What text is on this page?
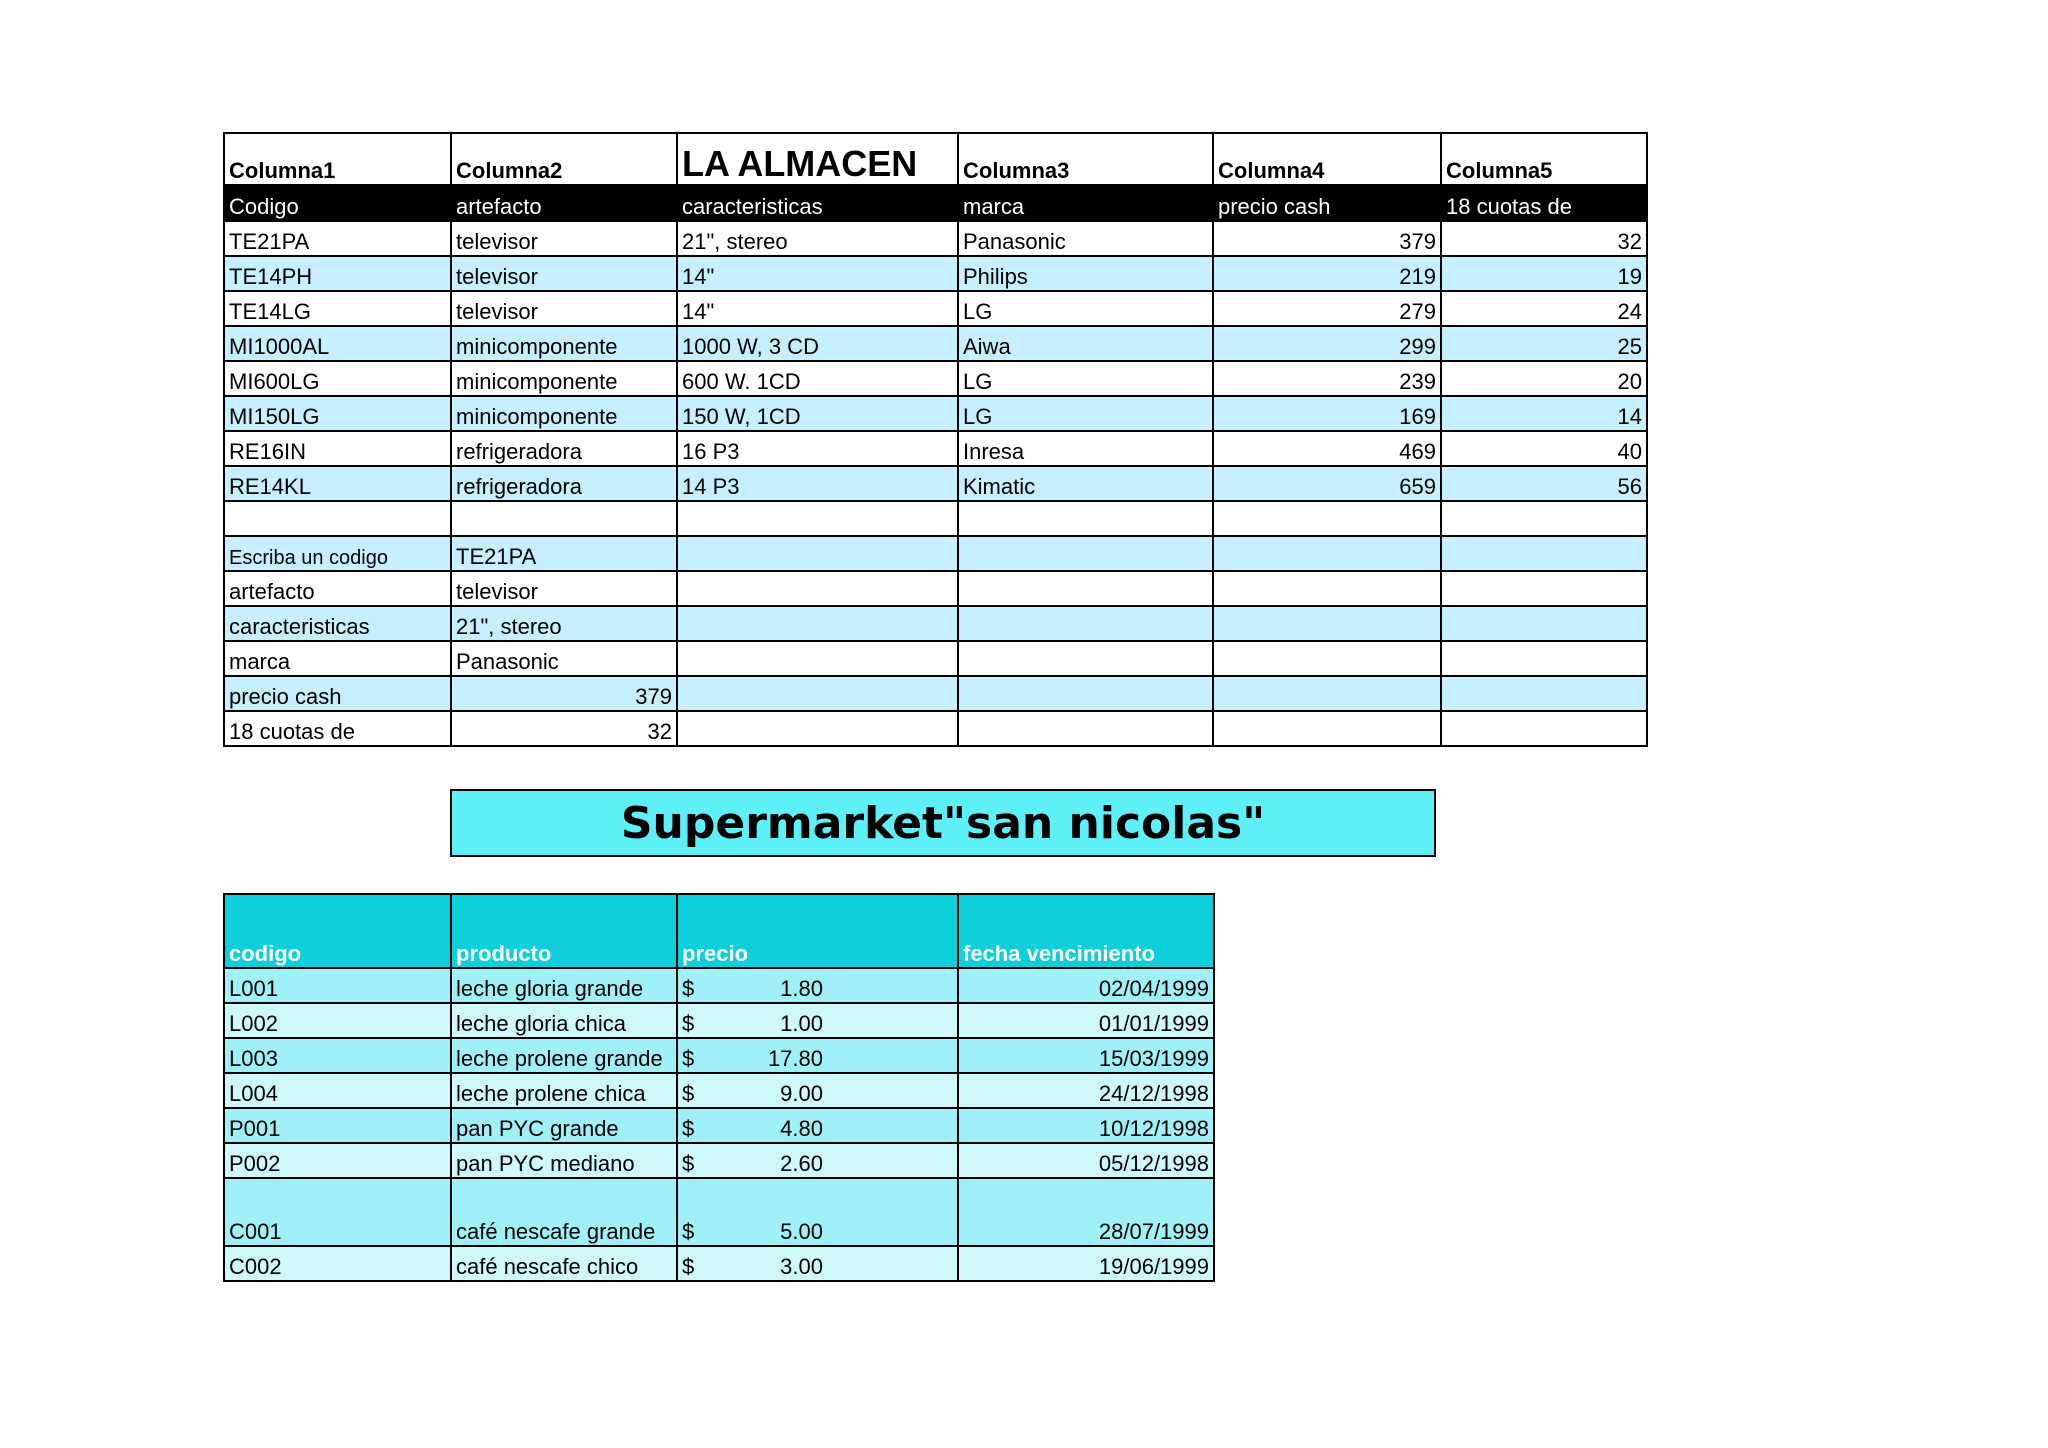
Columna1	Columna2	LA ALMACEN	Columna3	Columna4	Columna5
Codigo	artefacto	caracteristicas	marca	precio cash	18 cuotas de
TE21PA	televisor	21", stereo	Panasonic	379	32
TE14PH	televisor	14"	Philips	219	19
TE14LG	televisor	14"	LG	279	24
MI1000AL	minicomponente	1000 W, 3 CD	Aiwa	299	25
MI600LG	minicomponente	600 W. 1CD	LG	239	20
MI150LG	minicomponente	150 W, 1CD	LG	169	14
RE16IN	refrigeradora	16 P3	Inresa	469	40
RE14KL	refrigeradora	14 P3	Kimatic	659	56

Escriba un codigo	TE21PA				
artefacto	televisor				
caracteristicas	21", stereo				
marca	Panasonic				
precio cash	379				
18 cuotas de	32				
Supermarket"san nicolas"
codigo	producto	precio	fecha vencimiento
L001	leche gloria grande	$ 1.80	02/04/1999
L002	leche gloria chica	$ 1.00	01/01/1999
L003	leche prolene grande	$ 17.80	15/03/1999
L004	leche prolene chica	$ 9.00	24/12/1998
P001	pan PYC grande	$ 4.80	10/12/1998
P002	pan PYC mediano	$ 2.60	05/12/1998
C001	café nescafe grande	$ 5.00	28/07/1999
C002	café nescafe chico	$ 3.00	19/06/1999
